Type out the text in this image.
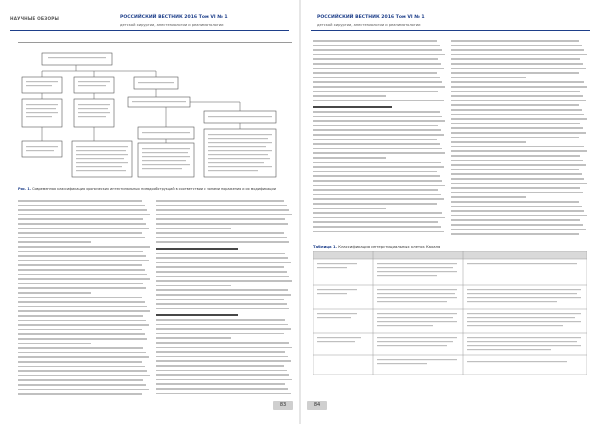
НАУЧНЫЕ ОБЗОРЫ	РОССИЙСКИЙ ВЕСТНИК 2016 Том VI № 1
детской хирургии, анестезиологии и реаниматологии
Рис. 1. Современная классификация хронических интестинальных псевдообструкций в соответствии с зонами поражения и их модификации
83
РОССИЙСКИЙ ВЕСТНИК 2016 Том VI № 1
детской хирургии, анестезиологии и реаниматологии
Таблица 1. Классификация интерстициальных клеток Кахаля
84
